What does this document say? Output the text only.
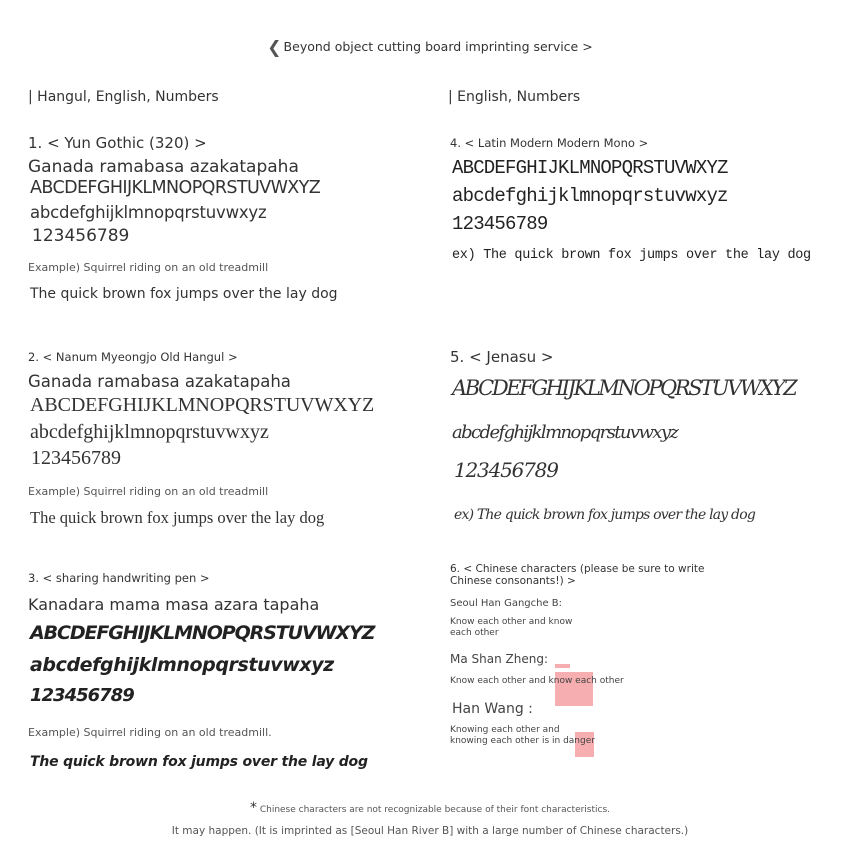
❮ Beyond object cutting board imprinting service >
| Hangul, English, Numbers	| English, Numbers
1. < Yun Gothic (320) >
Ganada ramabasa azakatapaha
ABCDEFGHIJKLMNOPQRSTUVWXYZ
abcdefghijklmnopqrstuvwxyz
123456789
Example) Squirrel riding on an old treadmill
The quick brown fox jumps over the lay dog
2. < Nanum Myeongjo Old Hangul >
Ganada ramabasa azakatapaha
ABCDEFGHIJKLMNOPQRSTUVWXYZ
abcdefghijklmnopqrstuvwxyz
123456789
Example) Squirrel riding on an old treadmill
The quick brown fox jumps over the lay dog
3. < sharing handwriting pen >
Kanadara mama masa azara tapaha
ABCDEFGHIJKLMNOPQRSTUVWXYZ
abcdefghijklmnopqrstuvwxyz
123456789
Example) Squirrel riding on an old treadmill.
The quick brown fox jumps over the lay dog
4. < Latin Modern Modern Mono >
ABCDEFGHIJKLMNOPQRSTUVWXYZ
abcdefghijklmnopqrstuvwxyz
123456789
ex) The quick brown fox jumps over the lay dog
5. < Jenasu >
ABCDEFGHIJKLMNOPQRSTUVWXYZ
abcdefghijklmnopqrstuvwxyz
123456789
ex) The quick brown fox jumps over the lay dog
6. < Chinese characters (please be sure to write Chinese consonants!) >
Seoul Han Gangche B:
Know each other and know each other
Ma Shan Zheng:
Know each other and know each other
Han Wang :
Knowing each other and knowing each other is in danger
* Chinese characters are not recognizable because of their font characteristics.
It may happen. (It is imprinted as [Seoul Han River B] with a large number of Chinese characters.)
